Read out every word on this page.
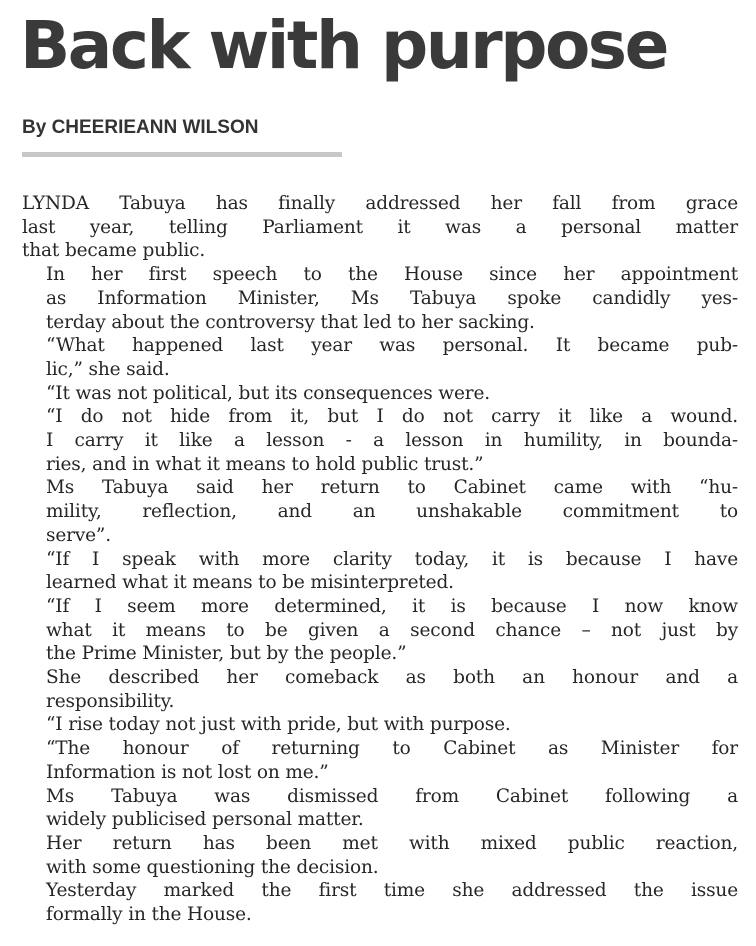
Back with purpose
By CHEERIEANN WILSON

LYNDA Tabuya has finally addressed her fall from grace
last year, telling Parliament it was a personal matter
that became public.

In her first speech to the House since her appointment
as Information Minister, Ms Tabuya spoke candidly yes-
terday about the controversy that led to her sacking.

“What happened last year was personal. It became pub-
lic,” she said.

“It was not political, but its consequences were.

“I do not hide from it, but I do not carry it like a wound.
I carry it like a lesson - a lesson in humility, in bounda-
ries, and in what it means to hold public trust.”

Ms Tabuya said her return to Cabinet came with “hu-
mility, reflection, and an unshakable commitment to
serve”.

“If I speak with more clarity today, it is because I have
learned what it means to be misinterpreted.

“If I seem more determined, it is because I now know
what it means to be given a second chance – not just by
the Prime Minister, but by the people.”

She described her comeback as both an honour and a
responsibility.

“I rise today not just with pride, but with purpose.

“The honour of returning to Cabinet as Minister for
Information is not lost on me.”

Ms Tabuya was dismissed from Cabinet following a
widely publicised personal matter.

Her return has been met with mixed public reaction,
with some questioning the decision.

Yesterday marked the first time she addressed the issue
formally in the House.
